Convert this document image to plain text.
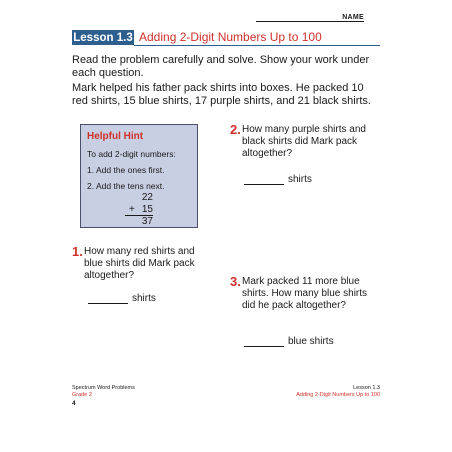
NAME
Lesson 1.3 Adding 2-Digit Numbers Up to 100
Read the problem carefully and solve. Show your work under each question.
Mark helped his father pack shirts into boxes. He packed 10 red shirts, 15 blue shirts, 17 purple shirts, and 21 black shirts.
Helpful Hint
To add 2-digit numbers:
1. Add the ones first.
2. Add the tens next.
22
+ 15
37
1. How many red shirts and blue shirts did Mark pack altogether?
shirts
2. How many purple shirts and black shirts did Mark pack altogether?
shirts
3. Mark packed 11 more blue shirts. How many blue shirts did he pack altogether?
blue shirts
Spectrum Word Problems
Grade 2
4
Lesson 1.3
Adding 2-Digit Numbers Up to 100
